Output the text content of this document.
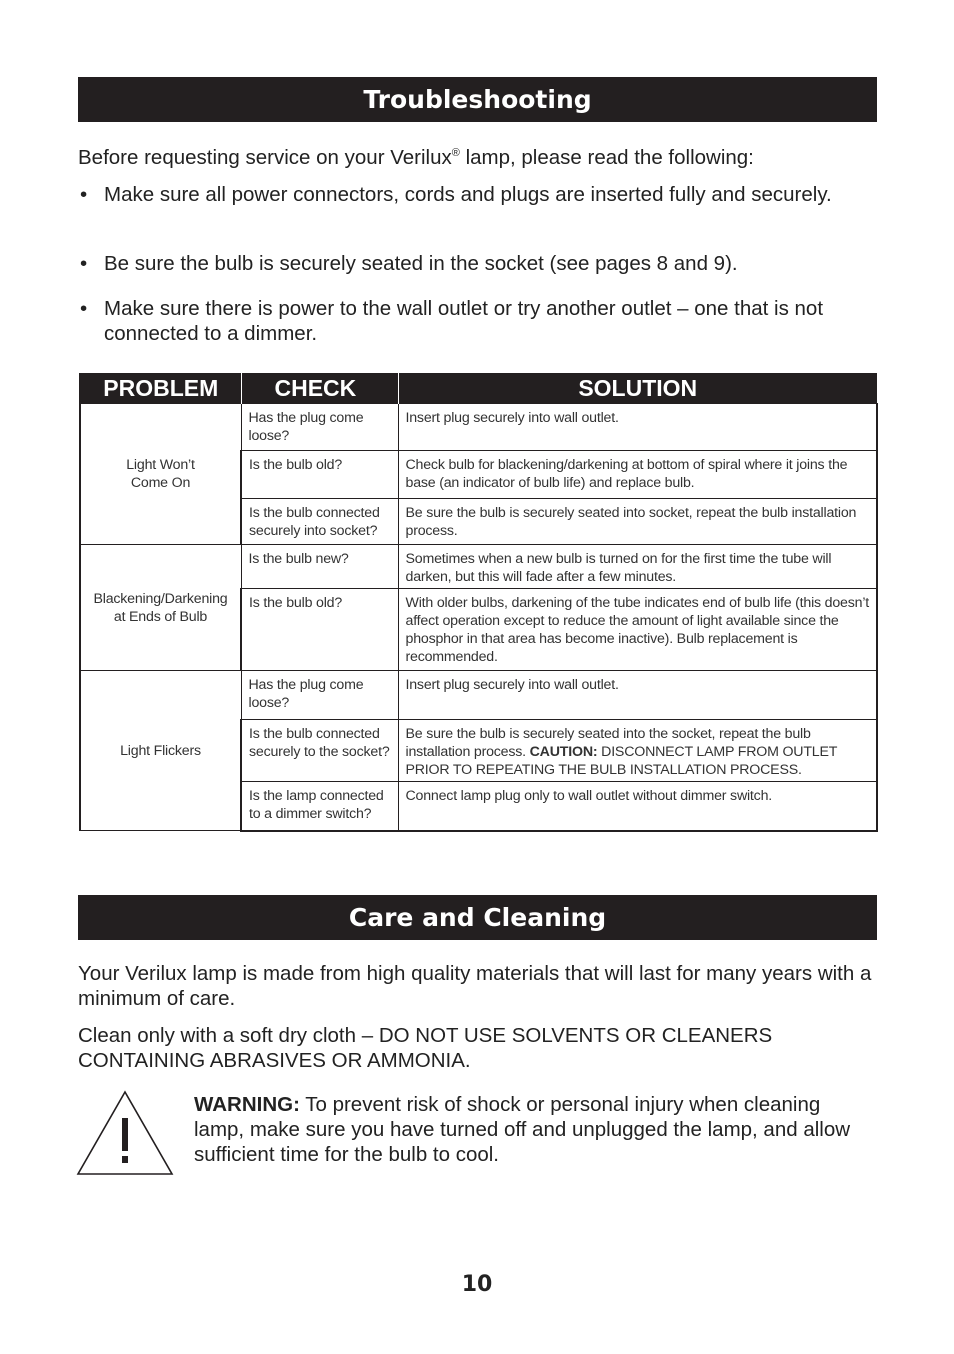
Troubleshooting

Before requesting service on your Verilux® lamp, please read the following:

• Make sure all power connectors, cords and plugs are inserted fully and securely.
• Be sure the bulb is securely seated in the socket (see pages 8 and 9).
• Make sure there is power to the wall outlet or try another outlet – one that is not connected to a dimmer.
PROBLEM	CHECK	SOLUTION
Light Won’t
Come On	Has the plug come loose?	Insert plug securely into wall outlet.
	Is the bulb old?	Check bulb for blackening/darkening at bottom of spiral where it joins the base (an indicator of bulb life) and replace bulb.
	Is the bulb connected securely into socket?	Be sure the bulb is securely seated into socket, repeat the bulb installation process.
Blackening/Darkening
at Ends of Bulb	Is the bulb new?	Sometimes when a new bulb is turned on for the first time the tube will darken, but this will fade after a few minutes.
	Is the bulb old?	With older bulbs, darkening of the tube indicates end of bulb life (this doesn’t affect operation except to reduce the amount of light available since the phosphor in that area has become inactive). Bulb replacement is recommended.
Light Flickers	Has the plug come loose?	Insert plug securely into wall outlet.
	Is the bulb connected securely to the socket?	Be sure the bulb is securely seated into the socket, repeat the bulb installation process. CAUTION: DISCONNECT LAMP FROM OUTLET PRIOR TO REPEATING THE BULB INSTALLATION PROCESS.
	Is the lamp connected to a dimmer switch?	Connect lamp plug only to wall outlet without dimmer switch.
Care and Cleaning

Your Verilux lamp is made from high quality materials that will last for many years with a minimum of care.

Clean only with a soft dry cloth – DO NOT USE SOLVENTS OR CLEANERS CONTAINING ABRASIVES OR AMMONIA.

WARNING: To prevent risk of shock or personal injury when cleaning lamp, make sure you have turned off and unplugged the lamp, and allow sufficient time for the bulb to cool.
10
